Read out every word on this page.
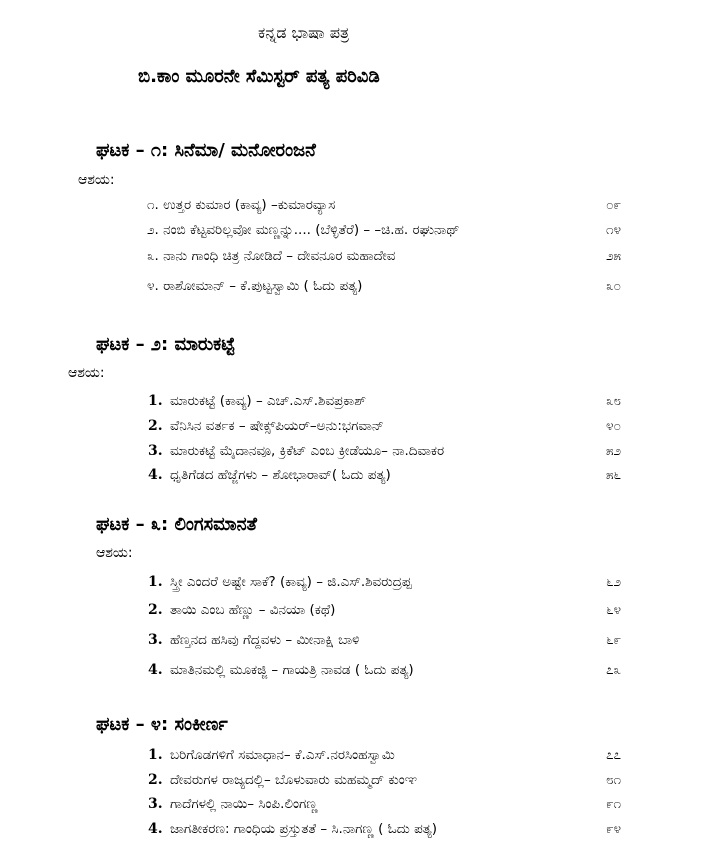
ಕನ್ನಡ ಭಾಷಾ ಪತ್ರ
ಬಿ.ಕಾಂ ಮೂರನೇ ಸೆಮಿಸ್ಟರ್ ಪತ್ಯ ಪರಿವಿಡಿ
ಘಟಕ – ೧: ಸಿನೆಮಾ/ ಮನೋರಂಜನೆ
ಆಶಯ:
೧. ಉತ್ತರ ಕುಮಾರ (ಕಾವ್ಯ) –ಕುಮಾರವ್ಯಾಸ	೦೯
೨. ನಂಬಿ ಕೆಟ್ಟವರಿಲ್ಲವೋ ಮಣ್ಣನ್ನು.... (ಬೆಳ್ಳಿತೆರೆ) – –ಚಿ.ಹ. ರಘುನಾಥ್	೧೪
೩. ನಾನು ಗಾಂಧಿ ಚಿತ್ರ ನೋಡಿದೆ – ದೇವನೂರ ಮಹಾದೇವ	೨೫
೪. ರಾಶೋಮಾನ್ – ಕೆ.ಪುಟ್ಟಸ್ವಾಮಿ ( ಓದು ಪತ್ಯ)	೩೦
ಘಟಕ – ೨: ಮಾರುಕಟ್ಟೆ
ಆಶಯ:
1. ಮಾರುಕಟ್ಟೆ (ಕಾವ್ಯ) – ಎಚ್.ಎಸ್.ಶಿವಪ್ರಕಾಶ್	೩೮
2. ವೆನಿಸಿನ ವರ್ತಕ – ಷೇಕ್ಸ್‌ಪಿಯರ್–ಅನು:ಭಗವಾನ್	೪೦
3. ಮಾರುಕಟ್ಟೆ ಮೈದಾನವೂ, ಕ್ರಿಕೆಟ್ ಎಂಬ ಕ್ರೀಡೆಯೂ– ನಾ.ದಿವಾಕರ	೫೨
4. ಧೃತಿಗೆಡದ ಹೆಜ್ಜೆಗಳು – ಶೋಭಾರಾವ್( ಓದು ಪತ್ಯ)	೫೬
ಘಟಕ – ೩: ಲಿಂಗಸಮಾನತೆ
ಆಶಯ:
1. ಸ್ತ್ರೀ ಎಂದರೆ ಅಷ್ಟೇ ಸಾಕೆ? (ಕಾವ್ಯ) – ಜಿ.ಎಸ್.ಶಿವರುದ್ರಪ್ಪ	೬೨
2. ತಾಯಿ ಎಂಬ ಹೆಣ್ಣು – ವಿನಯಾ (ಕಥೆ)	೬೪
3. ಹೆಣ್ತನದ ಹಸಿವು ಗೆದ್ದವಳು – ಮೀನಾಕ್ಷಿ ಬಾಳಿ	೬೯
4. ಮಾತಿನಮಲ್ಲಿ ಮೂಕಜ್ಜಿ – ಗಾಯತ್ರಿ ನಾವಡ ( ಓದು ಪತ್ಯ)	೭೩
ಘಟಕ – ೪: ಸಂಕೀರ್ಣ
1. ಬರಿಗೊಡಗಳಿಗೆ ಸಮಾಧಾನ– ಕೆ.ಎಸ್.ನರಸಿಂಹಸ್ವಾಮಿ	೭೭
2. ದೇವರುಗಳ ರಾಜ್ಯದಲ್ಲಿ– ಬೊಳುವಾರು ಮಹಮ್ಮದ್ ಕುಂಞ	೮೧
3. ಗಾದೆಗಳಲ್ಲಿ ನಾಯಿ– ಸಿಂಪಿ.ಲಿಂಗಣ್ಣ	೯೧
4. ಜಾಗತೀಕರಣ: ಗಾಂಧಿಯ ಪ್ರಸ್ತುತತೆ – ಸಿ.ನಾಗಣ್ಣ ( ಓದು ಪತ್ಯ)	೯೪
